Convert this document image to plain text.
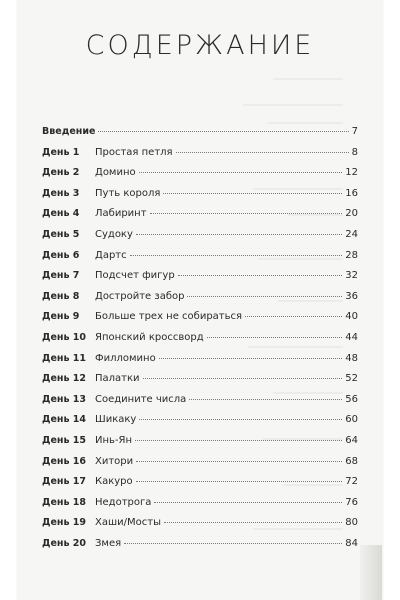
СОДЕРЖАНИЕ
Введение	7
День 1	Простая петля	8
День 2	Домино	12
День 3	Путь короля	16
День 4	Лабиринт	20
День 5	Судоку	24
День 6	Дартс	28
День 7	Подсчет фигур	32
День 8	Достройте забор	36
День 9	Больше трех не собираться	40
День 10 Японский кроссворд	44
День 11 Филломино	48
День 12 Палатки	52
День 13 Соедините числа	56
День 14 Шикаку	60
День 15 Инь-Ян	64
День 16 Хитори	68
День 17 Какуро	72
День 18 Недотрога	76
День 19 Хаши/Мосты	80
День 20 Змея	84
